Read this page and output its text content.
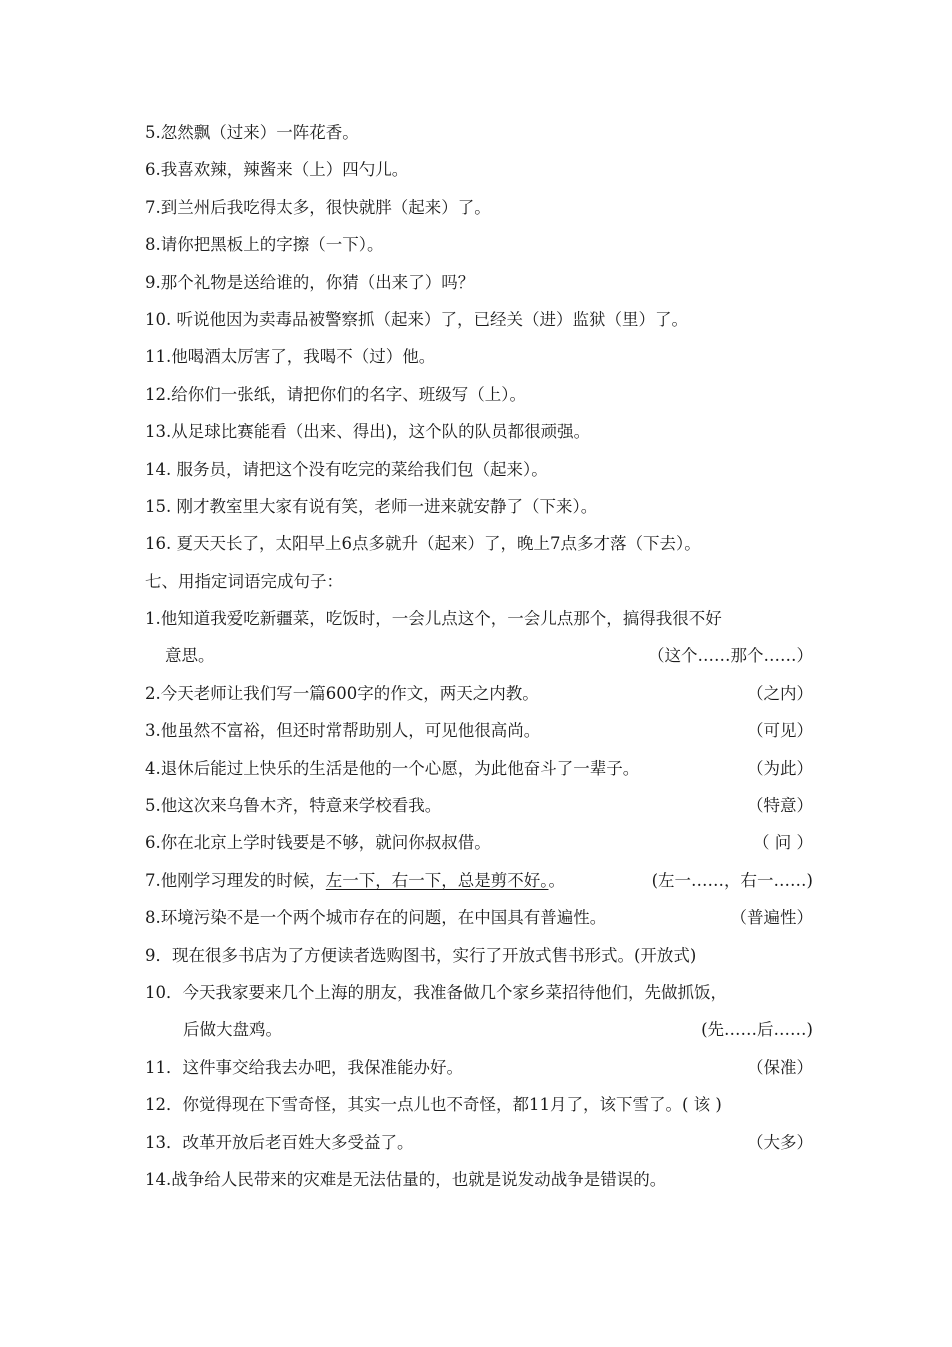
5.忽然飘（过来）一阵花香。
6.我喜欢辣，辣酱来（上）四勺儿。
7.到兰州后我吃得太多，很快就胖（起来）了。
8.请你把黑板上的字擦（一下）。
9.那个礼物是送给谁的，你猜（出来了）吗？
10. 听说他因为卖毒品被警察抓（起来）了，已经关（进）监狱（里）了。
11.他喝酒太厉害了，我喝不（过）他。
12.给你们一张纸，请把你们的名字、班级写（上）。
13.从足球比赛能看（出来、得出)，这个队的队员都很顽强。
14. 服务员，请把这个没有吃完的菜给我们包（起来）。
15. 刚才教室里大家有说有笑，老师一进来就安静了（下来）。
16. 夏天天长了，太阳早上6点多就升（起来）了，晚上7点多才落（下去）。
七、用指定词语完成句子：
1.他知道我爱吃新疆菜，吃饭时，一会儿点这个，一会儿点那个，搞得我很不好
意思。	（这个……那个……）
2.今天老师让我们写一篇600字的作文，两天之内教。	（之内）
3.他虽然不富裕，但还时常帮助别人，可见他很高尚。	（可见）
4.退休后能过上快乐的生活是他的一个心愿，为此他奋斗了一辈子。	（为此）
5.他这次来乌鲁木齐，特意来学校看我。	（特意）
6.你在北京上学时钱要是不够，就问你叔叔借。	（ 问 ）
7.他刚学习理发的时候，左一下，右一下，总是剪不好。。	(左一……，右一……)
8.环境污染不是一个两个城市存在的问题，在中国具有普遍性。	（普遍性）
9．现在很多书店为了方便读者选购图书，实行了开放式售书形式。(开放式)
10．今天我家要来几个上海的朋友，我准备做几个家乡菜招待他们，先做抓饭，
后做大盘鸡。	(先……后……)
11．这件事交给我去办吧，我保准能办好。	（保准）
12．你觉得现在下雪奇怪，其实一点儿也不奇怪，都11月了，该下雪了。( 该 )
13．改革开放后老百姓大多受益了。	（大多）
14.战争给人民带来的灾难是无法估量的，也就是说发动战争是错误的。
